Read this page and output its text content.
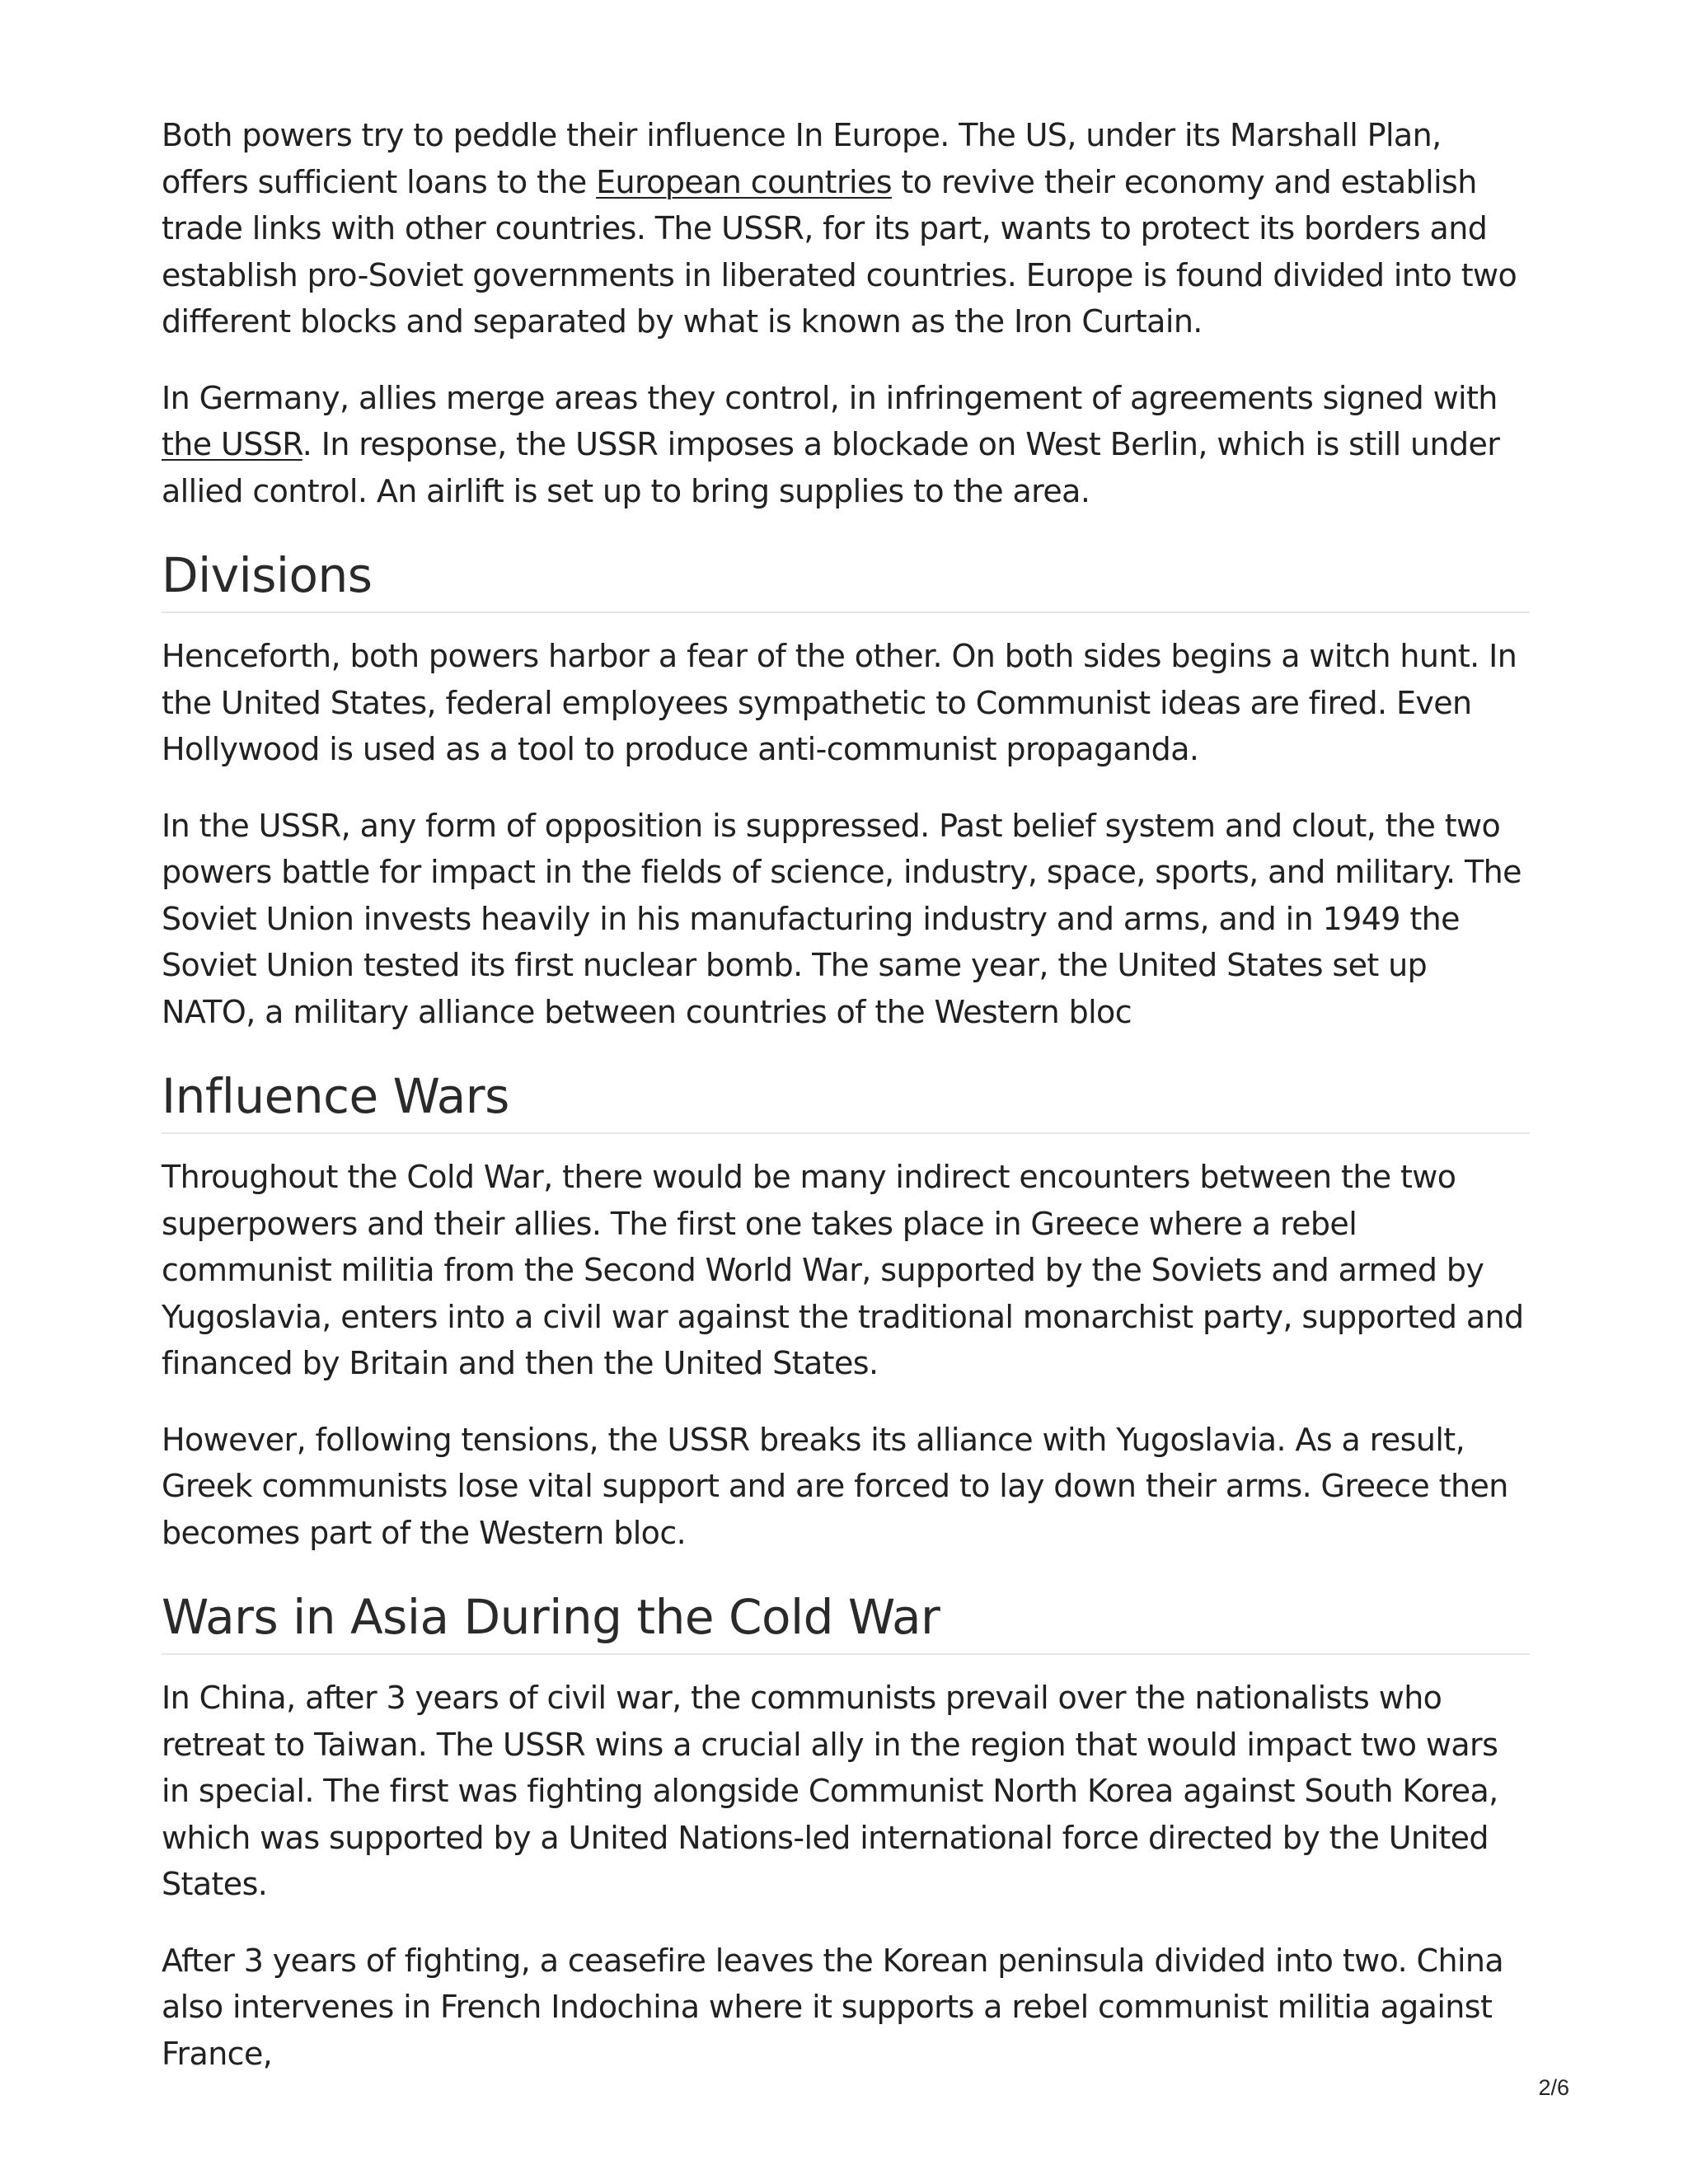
Both powers try to peddle their influence In Europe. The US, under its Marshall Plan, offers sufficient loans to the European countries to revive their economy and establish trade links with other countries. The USSR, for its part, wants to protect its borders and establish pro-Soviet governments in liberated countries. Europe is found divided into two different blocks and separated by what is known as the Iron Curtain.

In Germany, allies merge areas they control, in infringement of agreements signed with the USSR. In response, the USSR imposes a blockade on West Berlin, which is still under allied control. An airlift is set up to bring supplies to the area.

Divisions

Henceforth, both powers harbor a fear of the other. On both sides begins a witch hunt. In the United States, federal employees sympathetic to Communist ideas are fired. Even Hollywood is used as a tool to produce anti-communist propaganda.

In the USSR, any form of opposition is suppressed. Past belief system and clout, the two powers battle for impact in the fields of science, industry, space, sports, and military. The Soviet Union invests heavily in his manufacturing industry and arms, and in 1949 the Soviet Union tested its first nuclear bomb. The same year, the United States set up NATO, a military alliance between countries of the Western bloc

Influence Wars

Throughout the Cold War, there would be many indirect encounters between the two superpowers and their allies. The first one takes place in Greece where a rebel communist militia from the Second World War, supported by the Soviets and armed by Yugoslavia, enters into a civil war against the traditional monarchist party, supported and financed by Britain and then the United States.

However, following tensions, the USSR breaks its alliance with Yugoslavia. As a result, Greek communists lose vital support and are forced to lay down their arms. Greece then becomes part of the Western bloc.

Wars in Asia During the Cold War

In China, after 3 years of civil war, the communists prevail over the nationalists who retreat to Taiwan. The USSR wins a crucial ally in the region that would impact two wars in special. The first was fighting alongside Communist North Korea against South Korea, which was supported by a United Nations-led international force directed by the United States.

After 3 years of fighting, a ceasefire leaves the Korean peninsula divided into two. China also intervenes in French Indochina where it supports a rebel communist militia against France,

2/6
